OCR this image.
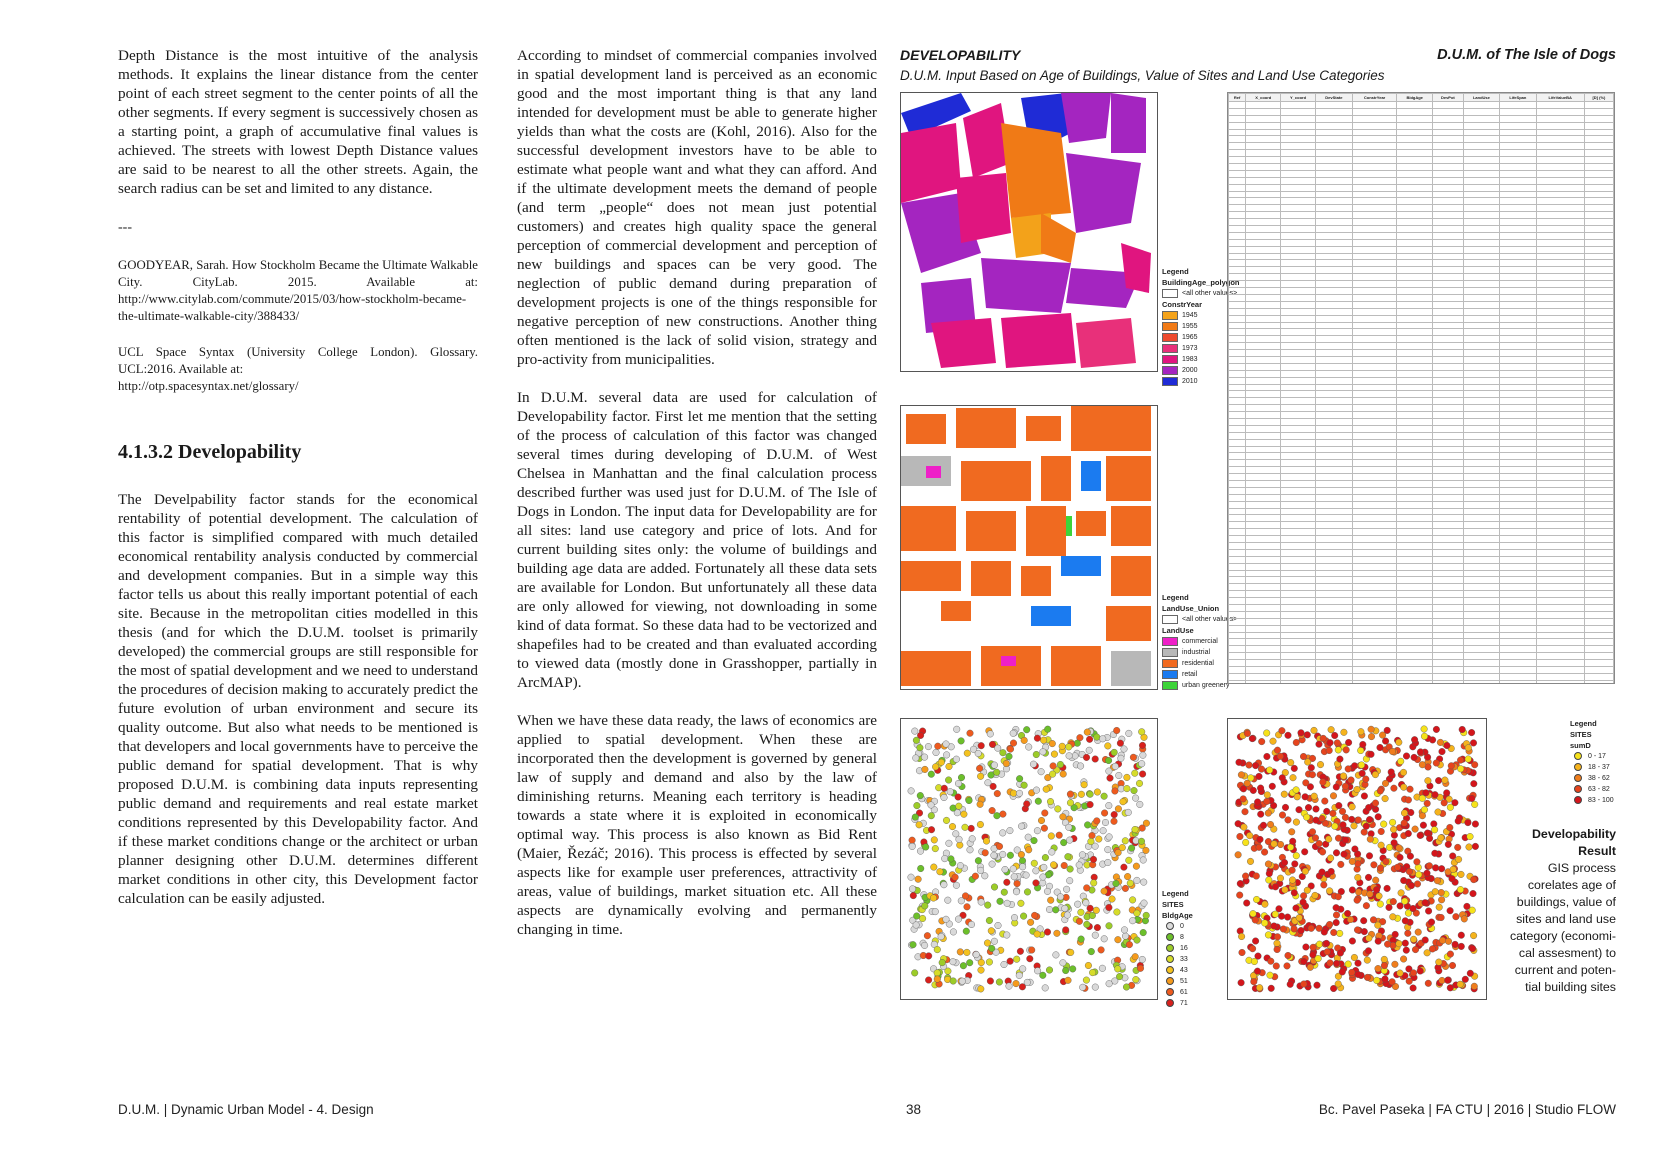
Depth Distance is the most intuitive of the analysis methods. It explains the linear distance from the center point of each street segment to the center points of all the other segments. If every segment is successively chosen as a starting point, a graph of accumulative final values is achieved. The streets with lowest Depth Distance values are said to be nearest to all the other streets. Again, the search radius can be set and limited to any distance.

---

GOODYEAR, Sarah. How Stockholm Became the Ultimate Walkable City. CityLab. 2015. Available at: http://www.citylab.com/commute/2015/03/how-stockholm-became-the-ultimate-walkable-city/388433/

UCL Space Syntax (University College London). Glossary. UCL:2016. Available at:

http://otp.spacesyntax.net/glossary/

4.1.3.2 Developability

The Develpability factor stands for the economical rentability of potential development. The calculation of this factor is simplified compared with much detailed economical rentability analysis conducted by commercial and development companies. But in a simple way this factor tells us about this really important potential of each site. Because in the metropolitan cities modelled in this thesis (and for which the D.U.M. toolset is primarily developed) the commercial groups are still responsible for the most of spatial development and we need to understand the procedures of decision making to accurately predict the future evolution of urban environment and secure its quality outcome. But also what needs to be mentioned is that developers and local governments have to perceive the public demand for spatial development. That is why proposed D.U.M. is combining data inputs representing public demand and requirements and real estate market conditions represented by this Developability factor. And if these market conditions change or the architect or urban planner designing other D.U.M. determines different market conditions in other city, this Development factor calculation can be easily adjusted.

According to mindset of commercial companies involved in spatial development land is perceived as an economic good and the most important thing is that any land intended for development must be able to generate higher yields than what the costs are (Kohl, 2016). Also for the successful development investors have to be able to estimate what people want and what they can afford. And if the ultimate development meets the demand of people (and term „people“ does not mean just potential customers) and creates high quality space the general perception of commercial development and perception of new buildings and spaces can be very good. The neglection of public demand during preparation of development projects is one of the things responsible for negative perception of new constructions. Another thing often mentioned is the lack of solid vision, strategy and pro-activity from municipalities.

In D.U.M. several data are used for calculation of Developability factor. First let me mention that the setting of the process of calculation of this factor was changed several times during developing of D.U.M. of West Chelsea in Manhattan and the final calculation process described further was used just for D.U.M. of The Isle of Dogs in London. The input data for Developability are for all sites: land use category and price of lots. And for current building sites only: the volume of buildings and building age data are added. Fortunately all these data sets are available for London. But unfortunately all these data are only allowed for viewing, not downloading in some kind of data format. So these data had to be vectorized and shapefiles had to be created and than evaluated according to viewed data (mostly done in Grasshopper, partially in ArcMAP).

When we have these data ready, the laws of economics are applied to spatial development. When these are incorporated then the development is governed by general law of supply and demand and also by the law of diminishing returns. Meaning each territory is heading towards a state where it is exploited in economically optimal way. This process is also known as Bid Rent (Maier, Řezáč; 2016). This process is effected by several aspects like for example user preferences, attractivity of areas, value of buildings, market situation etc. All these aspects are dynamically evolving and permanently changing in time.

DEVELOPABILITY	D.U.M. of The Isle of Dogs
D.U.M. Input Based on Age of Buildings, Value of Sites and Land Use Categories
Legend
BuildingAge_polygon
<all other values>
ConstrYear
1945
1955
1965
1973
1983
2000
2010
Legend
LandUse_Union
<all other values>
LandUse
commercial
industrial
residential
retail
urban greenery
Ref	X_coord	Y_coord	DevState	ConstrYear	BldgAge	DevPot	LandUse	LifeSpan	LifeValueBA	[D] (%)

Legend
SITES
BldgAge
0
8
16
33
43
51
61
71
Legend
SITES
sumD
0 - 17
18 - 37
38 - 62
63 - 82
83 - 100
Developability
Result
GIS process
corelates age of
buildings, value of
sites and land use
category (economi-
cal assesment) to
current and poten-
tial building sites
D.U.M. | Dynamic Urban Model - 4. Design	38	Bc. Pavel Paseka | FA CTU | 2016 | Studio FLOW
